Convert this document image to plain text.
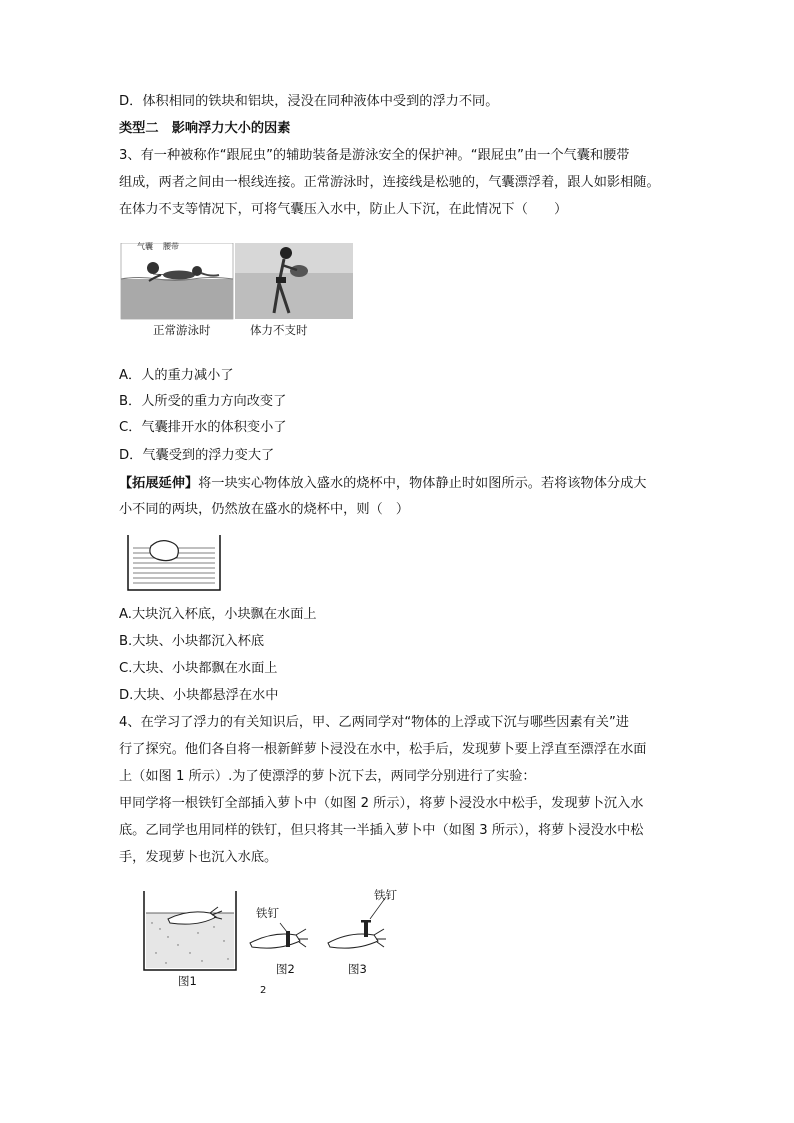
D．体积相同的铁块和铝块，浸没在同种液体中受到的浮力不同。
类型二　影响浮力大小的因素
3、有一种被称作“跟屁虫”的辅助装备是游泳安全的保护神。“跟屁虫”由一个气囊和腰带
组成，两者之间由一根线连接。正常游泳时，连接线是松驰的，气囊漂浮着，跟人如影相随。
在体力不支等情况下，可将气囊压入水中，防止人下沉，在此情况下（　　）
气囊 腰带
正常游泳时	体力不支时
A．人的重力减小了
B．人所受的重力方向改变了
C．气囊排开水的体积变小了
D．气囊受到的浮力变大了
【拓展延伸】将一块实心物体放入盛水的烧杯中，物体静止时如图所示。若将该物体分成大
小不同的两块，仍然放在盛水的烧杯中，则（　）
A.大块沉入杯底，小块飘在水面上
B.大块、小块都沉入杯底
C.大块、小块都飘在水面上
D.大块、小块都悬浮在水中
4、在学习了浮力的有关知识后，甲、乙两同学对“物体的上浮或下沉与哪些因素有关”进
行了探究。他们各自将一根新鲜萝卜浸没在水中，松手后，发现萝卜要上浮直至漂浮在水面
上（如图 1 所示）.为了使漂浮的萝卜沉下去，两同学分别进行了实验：
甲同学将一根铁钉全部插入萝卜中（如图 2 所示），将萝卜浸没水中松手，发现萝卜沉入水
底。乙同学也用同样的铁钉，但只将其一半插入萝卜中（如图 3 所示），将萝卜浸没水中松
手，发现萝卜也沉入水底。
铁钉
铁钉
图1
图2	图3
2
